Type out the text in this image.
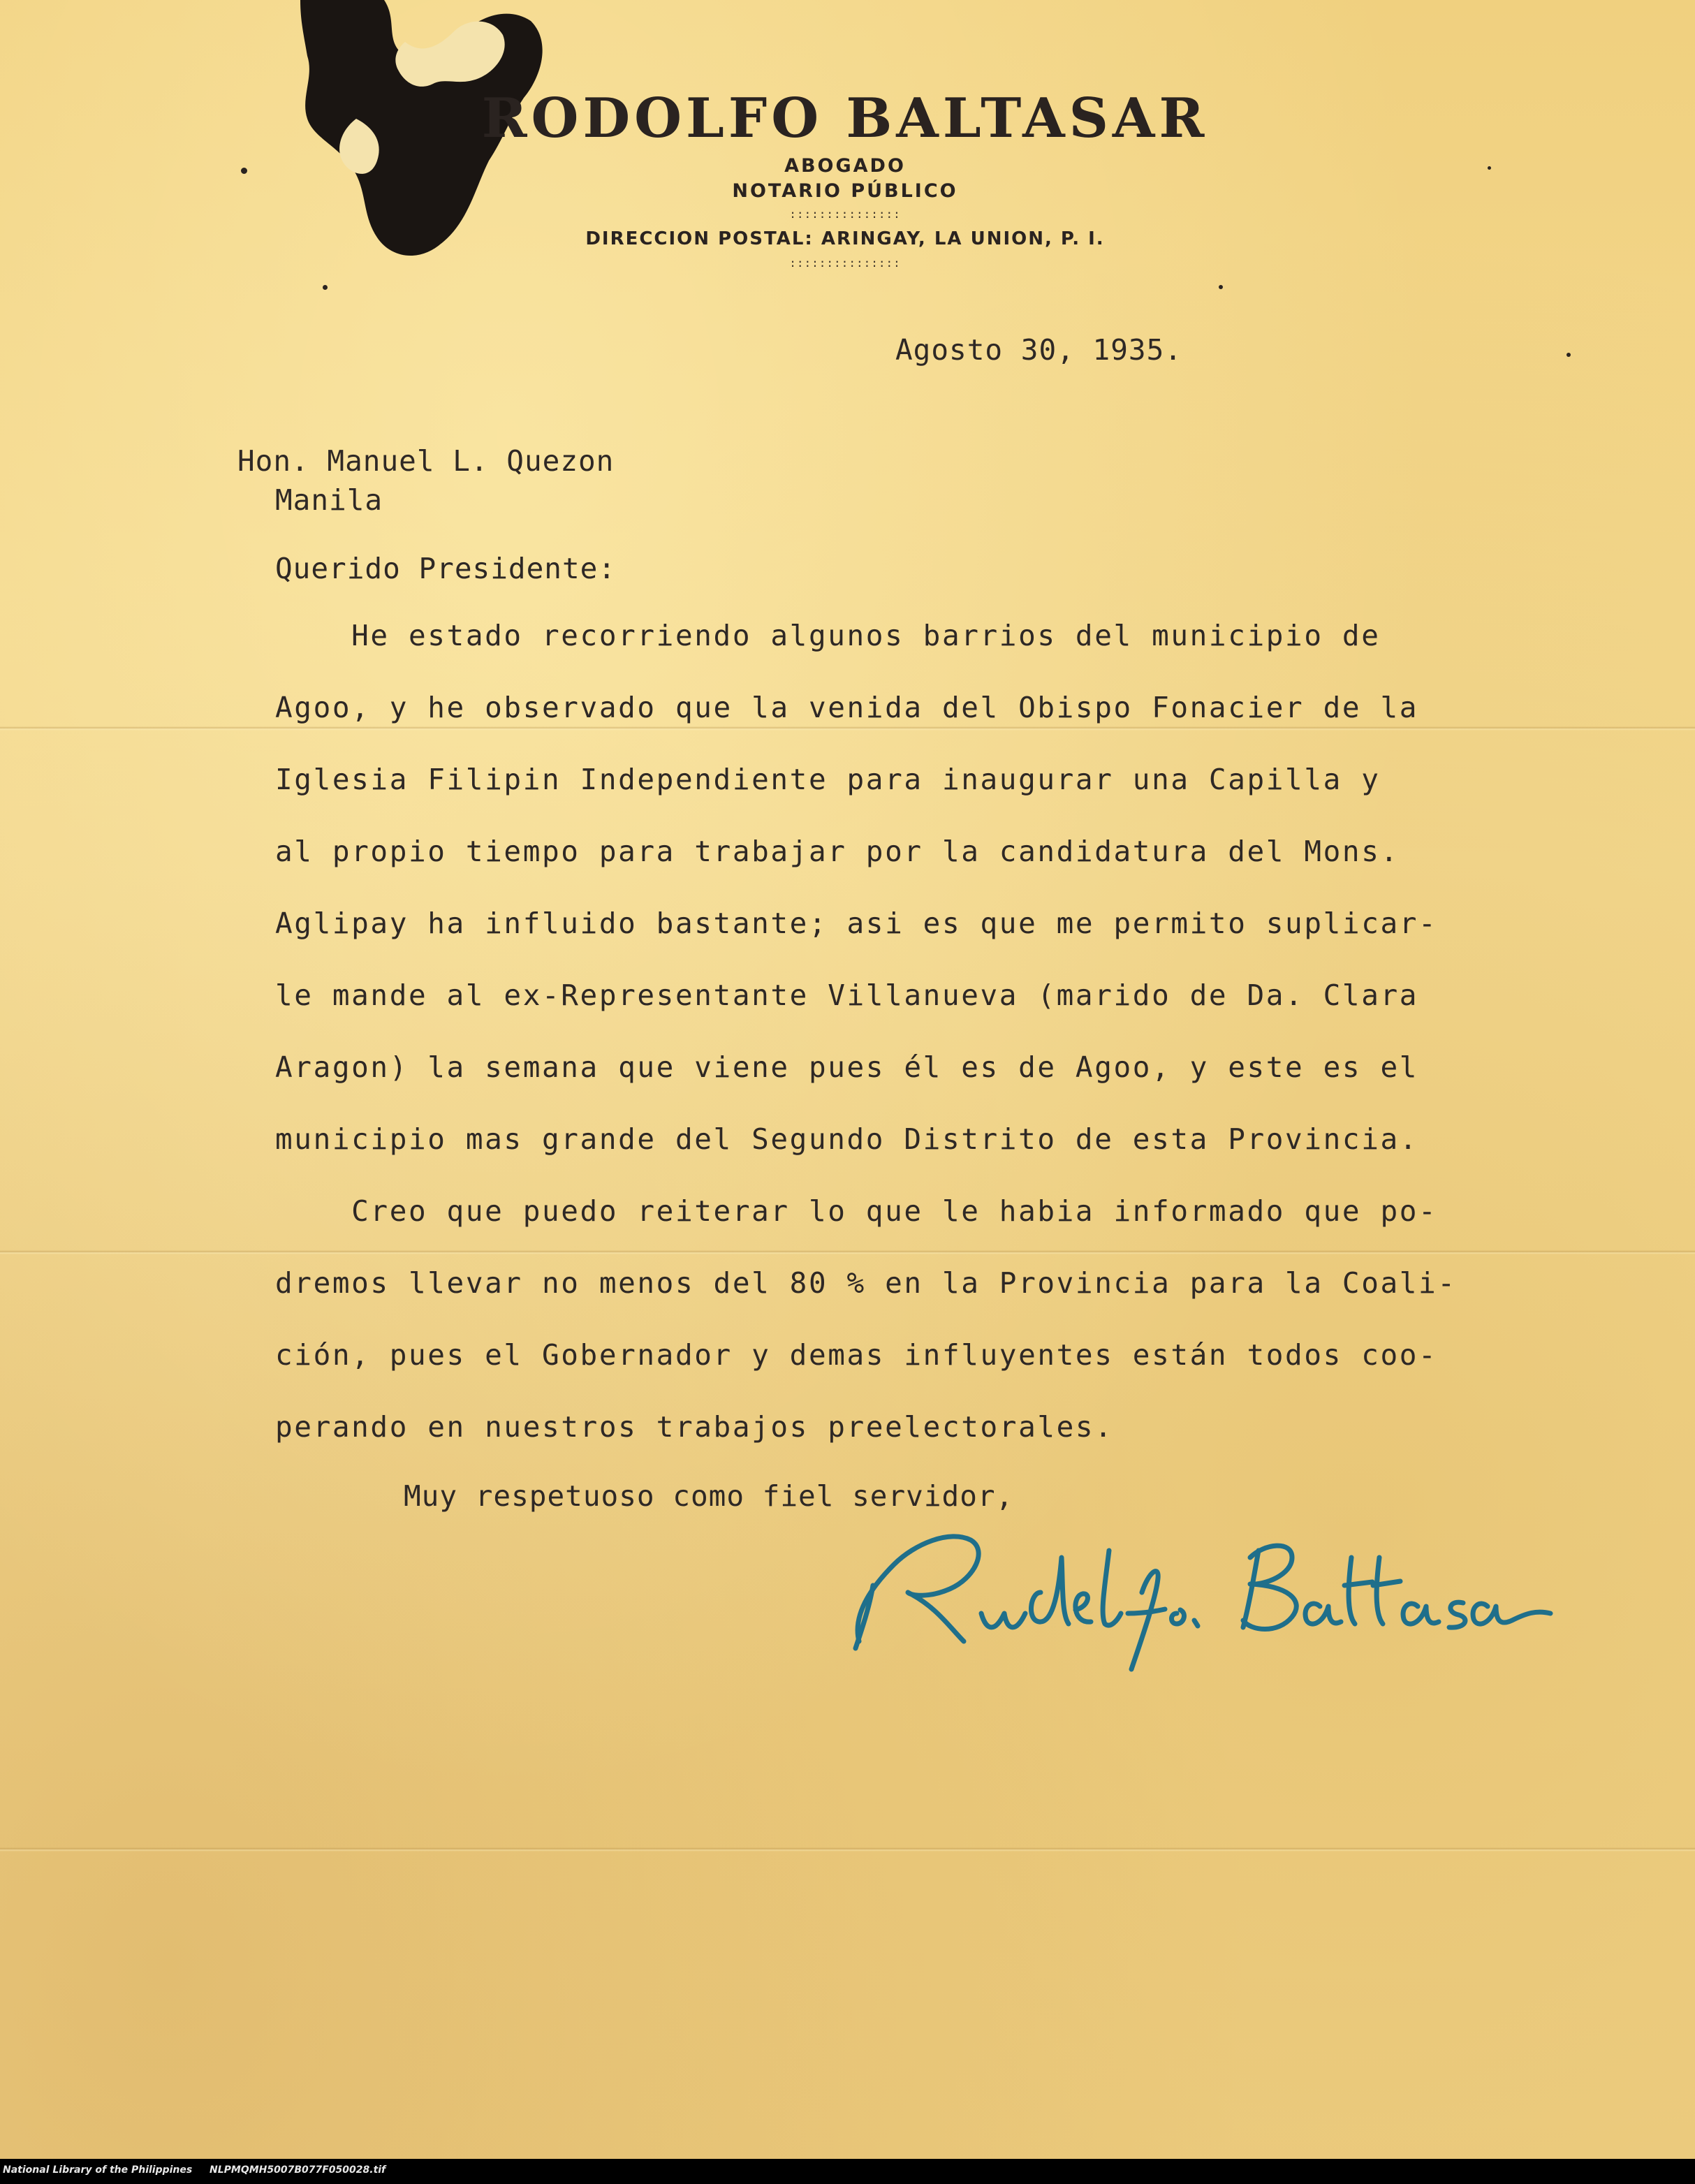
RODOLFO BALTASAR

ABOGADO

NOTARIO PÚBLICO

:::::::::::::::

DIRECCION POSTAL: ARINGAY, LA UNION, P. I.

:::::::::::::::

Agosto 30, 1935.
Hon. Manuel L. Quezon
Manila
Querido Presidente:

He estado recorriendo algunos barrios del municipio de

Agoo, y he observado que la venida del Obispo Fonacier de la

Iglesia Filipin Independiente para inaugurar una Capilla y

al propio tiempo para trabajar por la candidatura del Mons.

Aglipay ha influido bastante; asi es que me permito suplicar-

le mande al ex-Representante Villanueva (marido de Da. Clara

Aragon) la semana que viene pues él es de Agoo, y este es el

municipio mas grande del Segundo Distrito de esta Provincia.

Creo que puedo reiterar lo que le habia informado que po-

dremos llevar no menos del 80 % en la Provincia para la Coali-

ción, pues el Gobernador y demas influyentes están todos coo-

perando en nuestros trabajos preelectorales.

Muy respetuoso como fiel servidor,
National Library of the Philippines NLPMQMH5007B077F050028.tif
